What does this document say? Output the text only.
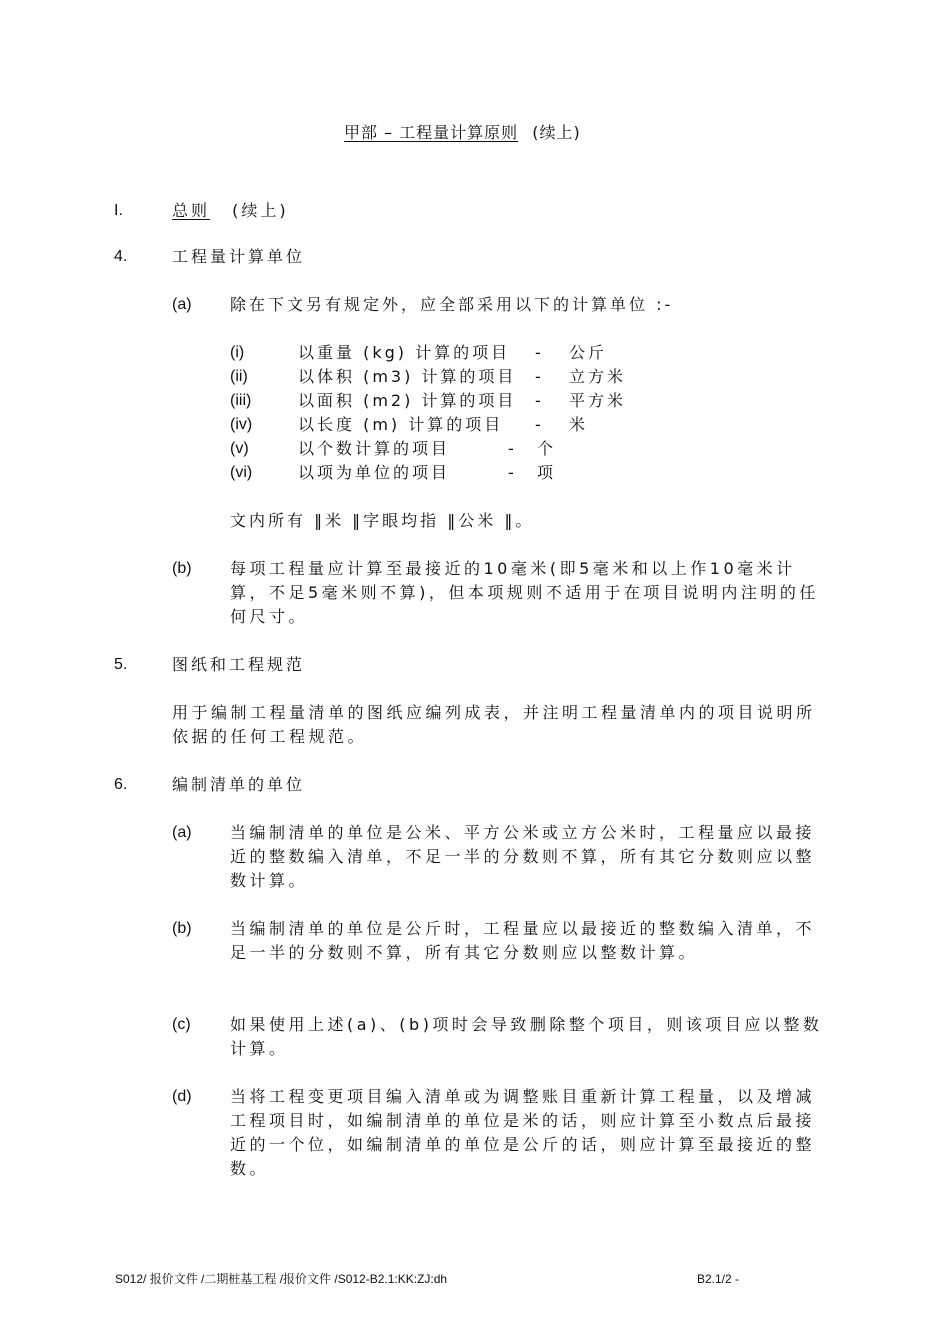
甲部 – 工程量计算原则 (续上)
I.	总则 (续上)
4.	工程量计算单位
(a) 除在下文另有规定外，应全部采用以下的计算单位 :-
(i)	以重量 (kg) 计算的项目 - 公斤
(ii)	以体积 (m3) 计算的项目 - 立方米
(iii)	以面积 (m2) 计算的项目 - 平方米
(iv)	以长度 (m) 计算的项目 - 米
(v)	以个数计算的项目	- 个
(vi)	以项为单位的项目	- 项
文内所有 ‖米 ‖字眼均指 ‖公米 ‖。
(b) 每项工程量应计算至最接近的10毫米(即5毫米和以上作10毫米计算，不足5毫米则不算)，但本项规则不适用于在项目说明内注明的任何尺寸。
5.	图纸和工程规范
用于编制工程量清单的图纸应编列成表，并注明工程量清单内的项目说明所依据的任何工程规范。
6.	编制清单的单位
(a) 当编制清单的单位是公米、平方公米或立方公米时，工程量应以最接近的整数编入清单，不足一半的分数则不算，所有其它分数则应以整数计算。
(b) 当编制清单的单位是公斤时，工程量应以最接近的整数编入清单，不足一半的分数则不算，所有其它分数则应以整数计算。
(c) 如果使用上述(a)、(b)项时会导致删除整个项目，则该项目应以整数计算。
(d) 当将工程变更项目编入清单或为调整账目重新计算工程量，以及增减工程项目时，如编制清单的单位是米的话，则应计算至小数点后最接近的一个位，如编制清单的单位是公斤的话，则应计算至最接近的整数。
S012/ 报价文件 /二期桩基工程 /报价文件 /S012-B2.1:KK:ZJ:dh	B2.1/2 -
